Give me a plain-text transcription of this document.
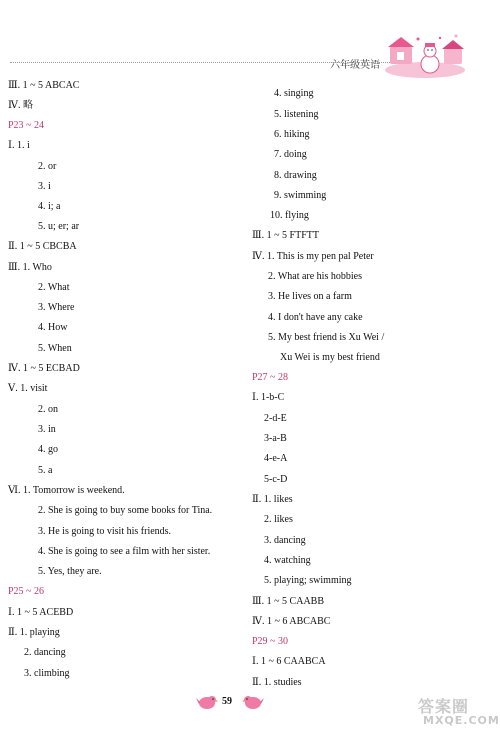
六年级英语
Ⅲ. 1 ~ 5 ABCAC
Ⅳ. 略
P23 ~ 24
Ⅰ. 1. i
2. or
3. i
4. i; a
5. u; er; ar
Ⅱ. 1 ~ 5 CBCBA
Ⅲ. 1. Who
2. What
3. Where
4. How
5. When
Ⅳ. 1 ~ 5 ECBAD
Ⅴ. 1. visit
2. on
3. in
4. go
5. a
Ⅵ. 1. Tomorrow is weekend.
2. She is going to buy some books for Tina.
3. He is going to visit his friends.
4. She is going to see a film with her sister.
5. Yes, they are.
P25 ~ 26
Ⅰ. 1 ~ 5 ACEBD
Ⅱ. 1. playing
2. dancing
3. climbing
4. singing
5. listening
6. hiking
7. doing
8. drawing
9. swimming
10. flying
Ⅲ. 1 ~ 5 FTFTT
Ⅳ. 1. This is my pen pal Peter
2. What are his hobbies
3. He lives on a farm
4. I don't have any cake
5. My best friend is Xu Wei /
Xu Wei is my best friend
P27 ~ 28
Ⅰ. 1-b-C
2-d-E
3-a-B
4-e-A
5-c-D
Ⅱ. 1. likes
2. likes
3. dancing
4. watching
5. playing; swimming
Ⅲ. 1 ~ 5 CAABB
Ⅳ. 1 ~ 6 ABCABC
P29 ~ 30
Ⅰ. 1 ~ 6 CAABCA
Ⅱ. 1. studies
59	答案圈
MXQE.COM
